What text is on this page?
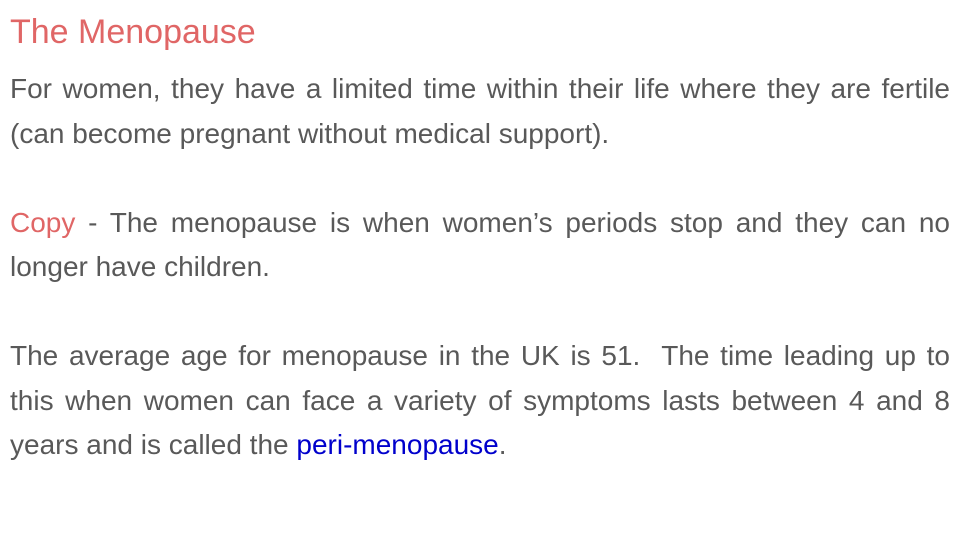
The Menopause

For women, they have a limited time within their life where they are fertile (can become pregnant without medical support).

Copy - The menopause is when women’s periods stop and they can no longer have children.

The average age for menopause in the UK is 51.  The time leading up to this when women can face a variety of symptoms lasts between 4 and 8 years and is called the peri-menopause.
